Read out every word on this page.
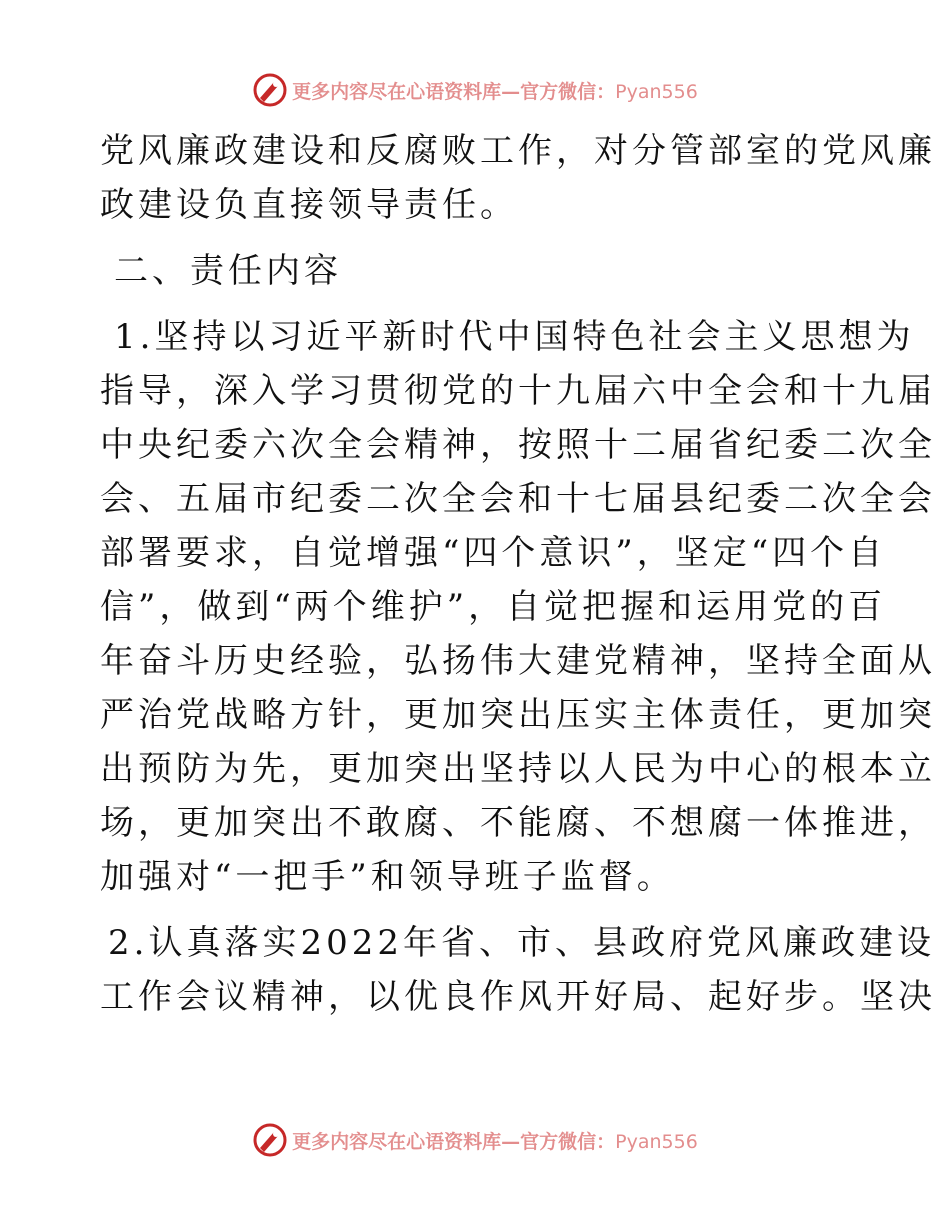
更多内容尽在心语资料库—官方微信：Pyan556
党风廉政建设和反腐败工作，对分管部室的党风廉
政建设负直接领导责任。
二、责任内容
1.坚持以习近平新时代中国特色社会主义思想为
指导，深入学习贯彻党的十九届六中全会和十九届
中央纪委六次全会精神，按照十二届省纪委二次全
会、五届市纪委二次全会和十七届县纪委二次全会
部署要求，自觉增强“四个意识”，坚定“四个自
信”，做到“两个维护”，自觉把握和运用党的百
年奋斗历史经验，弘扬伟大建党精神，坚持全面从
严治党战略方针，更加突出压实主体责任，更加突
出预防为先，更加突出坚持以人民为中心的根本立
场，更加突出不敢腐、不能腐、不想腐一体推进，
加强对“一把手”和领导班子监督。
2.认真落实2022年省、市、县政府党风廉政建设
工作会议精神，以优良作风开好局、起好步。坚决
更多内容尽在心语资料库—官方微信：Pyan556
